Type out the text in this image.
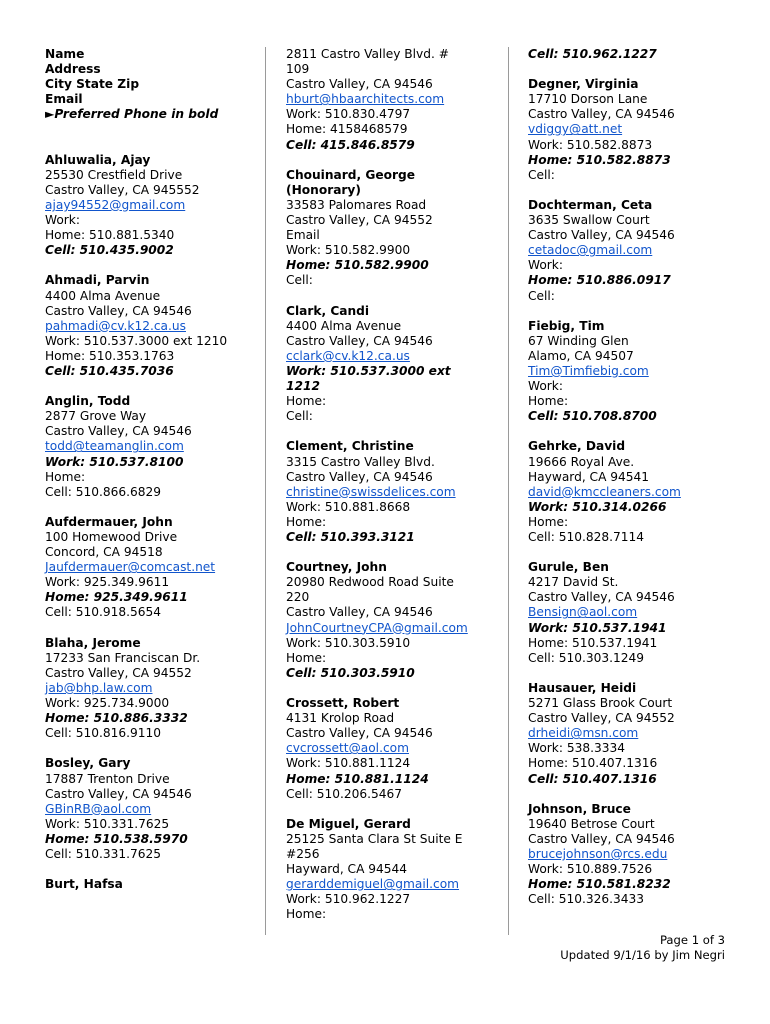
Name
Address
City State Zip
Email
►Preferred Phone in bold
Ahluwalia, Ajay
25530 Crestfield Drive
Castro Valley, CA 945552
ajay94552@gmail.com
Work:
Home: 510.881.5340
Cell: 510.435.9002
Ahmadi, Parvin
4400 Alma Avenue
Castro Valley, CA 94546
pahmadi@cv.k12.ca.us
Work: 510.537.3000 ext 1210
Home: 510.353.1763
Cell: 510.435.7036
Anglin, Todd
2877 Grove Way
Castro Valley, CA 94546
todd@teamanglin.com
Work: 510.537.8100
Home:
Cell: 510.866.6829
Aufdermauer, John
100 Homewood Drive
Concord, CA 94518
Jaufdermauer@comcast.net
Work: 925.349.9611
Home: 925.349.9611
Cell: 510.918.5654
Blaha, Jerome
17233 San Franciscan Dr.
Castro Valley, CA 94552
jab@bhp.law.com
Work: 925.734.9000
Home: 510.886.3332
Cell: 510.816.9110
Bosley, Gary
17887 Trenton Drive
Castro Valley, CA 94546
GBinRB@aol.com
Work: 510.331.7625
Home: 510.538.5970
Cell: 510.331.7625
Burt, Hafsa
2811 Castro Valley Blvd. #
109
Castro Valley, CA 94546
hburt@hbaarchitects.com
Work: 510.830.4797
Home: 4158468579
Cell: 415.846.8579
Chouinard, George
(Honorary)
33583 Palomares Road
Castro Valley, CA 94552
Email
Work: 510.582.9900
Home: 510.582.9900
Cell:
Clark, Candi
4400 Alma Avenue
Castro Valley, CA 94546
cclark@cv.k12.ca.us
Work: 510.537.3000 ext
1212
Home:
Cell:
Clement, Christine
3315 Castro Valley Blvd.
Castro Valley, CA 94546
christine@swissdelices.com
Work: 510.881.8668
Home:
Cell: 510.393.3121
Courtney, John
20980 Redwood Road Suite
220
Castro Valley, CA 94546
JohnCourtneyCPA@gmail.com
Work: 510.303.5910
Home:
Cell: 510.303.5910
Crossett, Robert
4131 Krolop Road
Castro Valley, CA 94546
cvcrossett@aol.com
Work: 510.881.1124
Home: 510.881.1124
Cell: 510.206.5467
De Miguel, Gerard
25125 Santa Clara St Suite E
#256
Hayward, CA 94544
gerarddemiguel@gmail.com
Work: 510.962.1227
Home:
Cell: 510.962.1227
Degner, Virginia
17710 Dorson Lane
Castro Valley, CA 94546
vdiggy@att.net
Work: 510.582.8873
Home: 510.582.8873
Cell:
Dochterman, Ceta
3635 Swallow Court
Castro Valley, CA 94546
cetadoc@gmail.com
Work:
Home: 510.886.0917
Cell:
Fiebig, Tim
67 Winding Glen
Alamo, CA 94507
Tim@Timfiebig.com
Work:
Home:
Cell: 510.708.8700
Gehrke, David
19666 Royal Ave.
Hayward, CA 94541
david@kmccleaners.com
Work: 510.314.0266
Home:
Cell: 510.828.7114
Gurule, Ben
4217 David St.
Castro Valley, CA 94546
Bensign@aol.com
Work: 510.537.1941
Home: 510.537.1941
Cell: 510.303.1249
Hausauer, Heidi
5271 Glass Brook Court
Castro Valley, CA 94552
drheidi@msn.com
Work: 538.3334
Home: 510.407.1316
Cell: 510.407.1316
Johnson, Bruce
19640 Betrose Court
Castro Valley, CA 94546
brucejohnson@rcs.edu
Work: 510.889.7526
Home: 510.581.8232
Cell: 510.326.3433
Page 1 of 3
Updated 9/1/16 by Jim Negri
